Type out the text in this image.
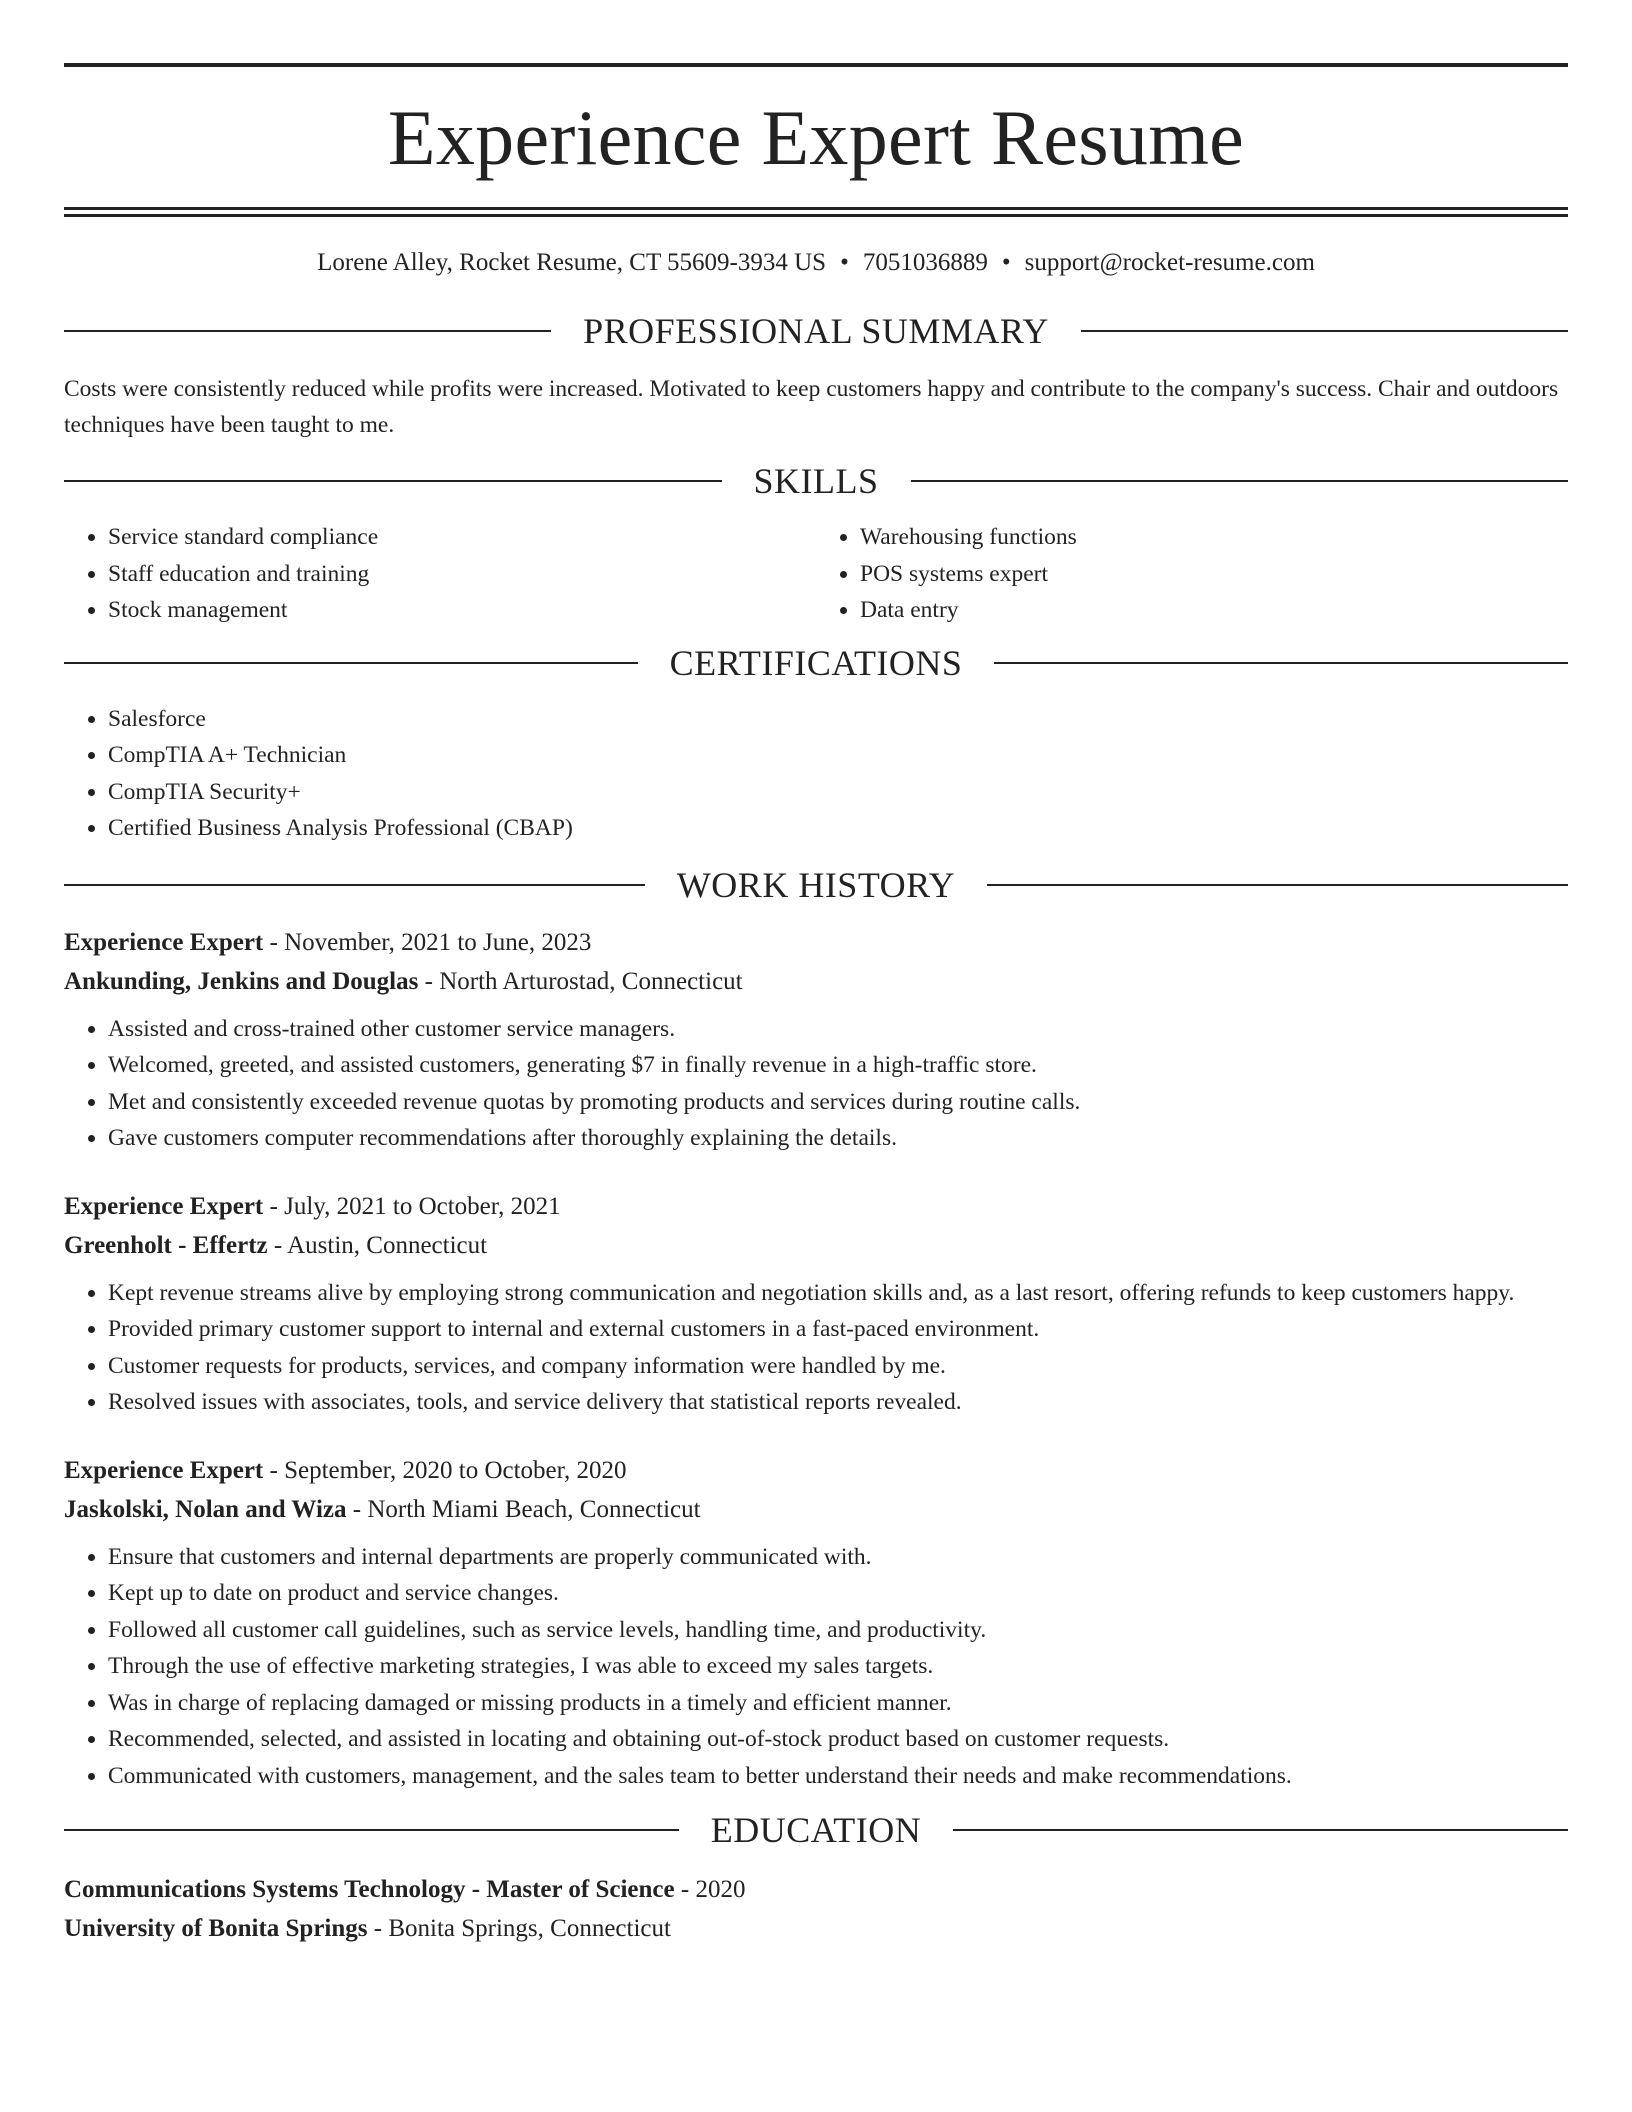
Experience Expert Resume
Lorene Alley, Rocket Resume, CT 55609-3934 US • 7051036889 • support@rocket-resume.com
PROFESSIONAL SUMMARY

Costs were consistently reduced while profits were increased. Motivated to keep customers happy and contribute to the company's success. Chair and outdoors techniques have been taught to me.

SKILLS
• Service standard compliance
• Staff education and training
• Stock management
• Warehousing functions
• POS systems expert
• Data entry
CERTIFICATIONS
• Salesforce
• CompTIA A+ Technician
• CompTIA Security+
• Certified Business Analysis Professional (CBAP)
WORK HISTORY
Experience Expert - November, 2021 to June, 2023
Ankunding, Jenkins and Douglas - North Arturostad, Connecticut
• Assisted and cross-trained other customer service managers.
• Welcomed, greeted, and assisted customers, generating $7 in finally revenue in a high-traffic store.
• Met and consistently exceeded revenue quotas by promoting products and services during routine calls.
• Gave customers computer recommendations after thoroughly explaining the details.
Experience Expert - July, 2021 to October, 2021
Greenholt - Effertz - Austin, Connecticut
• Kept revenue streams alive by employing strong communication and negotiation skills and, as a last resort, offering refunds to keep customers happy.
• Provided primary customer support to internal and external customers in a fast-paced environment.
• Customer requests for products, services, and company information were handled by me.
• Resolved issues with associates, tools, and service delivery that statistical reports revealed.
Experience Expert - September, 2020 to October, 2020
Jaskolski, Nolan and Wiza - North Miami Beach, Connecticut
• Ensure that customers and internal departments are properly communicated with.
• Kept up to date on product and service changes.
• Followed all customer call guidelines, such as service levels, handling time, and productivity.
• Through the use of effective marketing strategies, I was able to exceed my sales targets.
• Was in charge of replacing damaged or missing products in a timely and efficient manner.
• Recommended, selected, and assisted in locating and obtaining out-of-stock product based on customer requests.
• Communicated with customers, management, and the sales team to better understand their needs and make recommendations.
EDUCATION
Communications Systems Technology - Master of Science - 2020
University of Bonita Springs - Bonita Springs, Connecticut
